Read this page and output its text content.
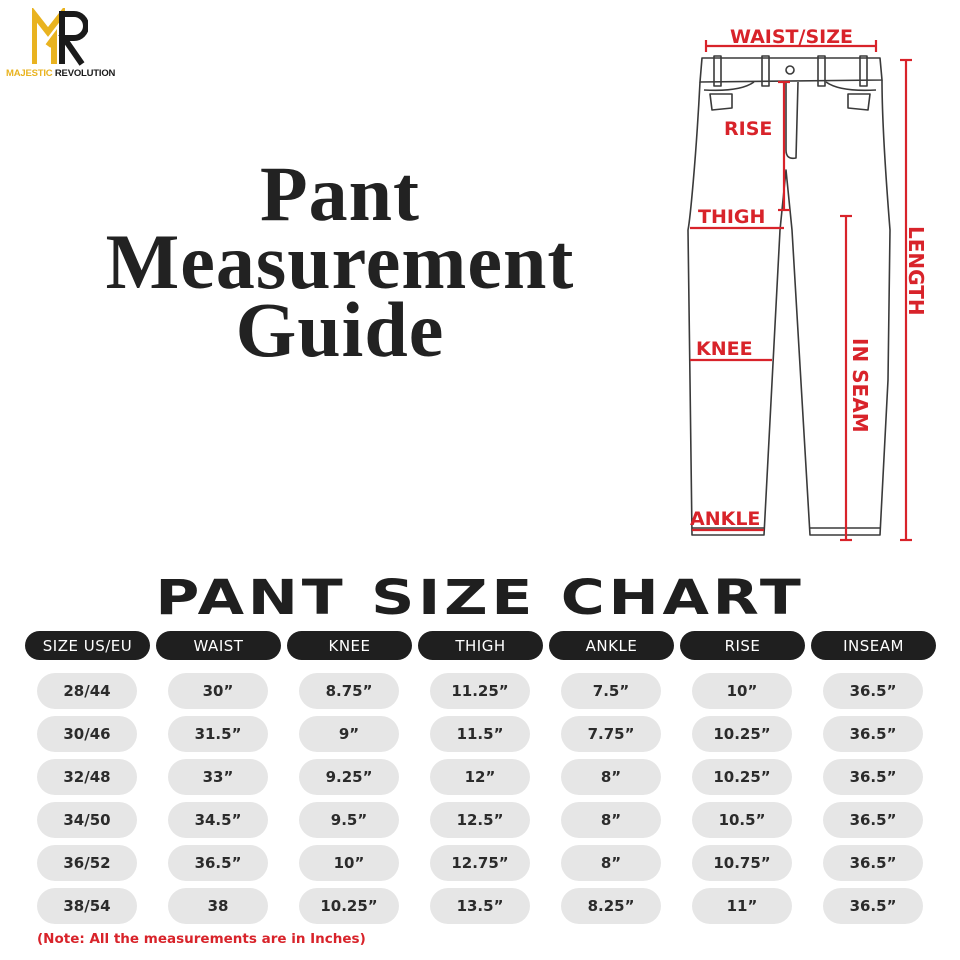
MAJESTIC REVOLUTION
Pant
Measurement
Guide
WAIST/SIZE
RISE
THIGH
KNEE
ANKLE
LENGTH
IN SEAM
PANT SIZE CHART
SIZE US/EU	WAIST	KNEE	THIGH	ANKLE	RISE	INSEAM
28/44	30”	8.75”	11.25”	7.5”	10”	36.5”
30/46	31.5”	9”	11.5”	7.75”	10.25”	36.5”
32/48	33”	9.25”	12”	8”	10.25”	36.5”
34/50	34.5”	9.5”	12.5”	8”	10.5”	36.5”
36/52	36.5”	10”	12.75”	8”	10.75”	36.5”
38/54	38	10.25”	13.5”	8.25”	11”	36.5”
(Note: All the measurements are in Inches)
